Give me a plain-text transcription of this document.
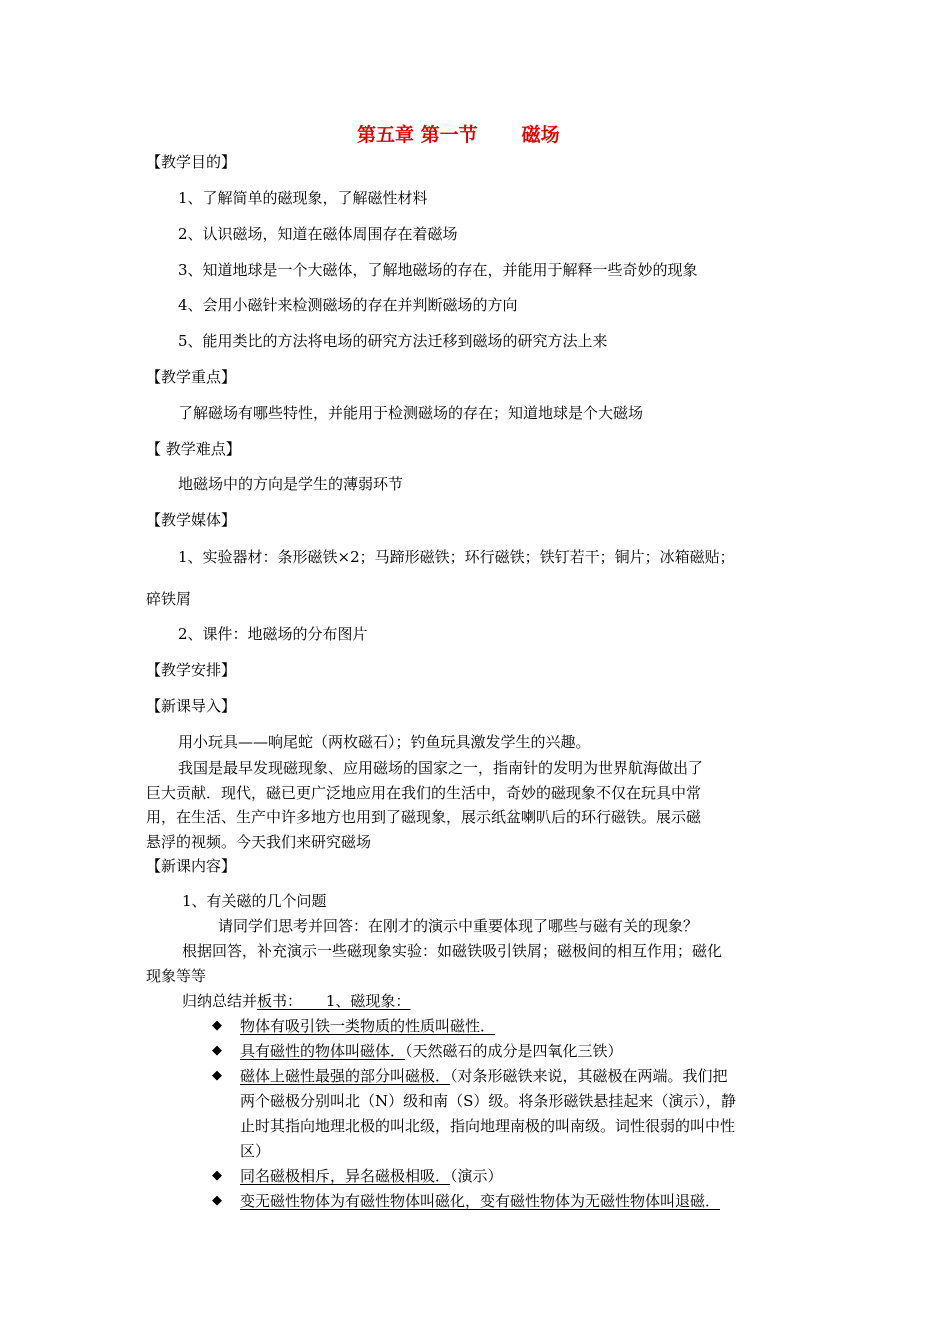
第五章 第一节 磁场
【教学目的】
1、了解简单的磁现象，了解磁性材料
2、认识磁场，知道在磁体周围存在着磁场
3、知道地球是一个大磁体，了解地磁场的存在，并能用于解释一些奇妙的现象
4、会用小磁针来检测磁场的存在并判断磁场的方向
5、能用类比的方法将电场的研究方法迁移到磁场的研究方法上来
【教学重点】
了解磁场有哪些特性，并能用于检测磁场的存在；知道地球是个大磁场
【 教学难点】
地磁场中的方向是学生的薄弱环节
【教学媒体】
1、实验器材：条形磁铁×2；马蹄形磁铁；环行磁铁；铁钉若干；铜片；冰箱磁贴；
碎铁屑
2、课件：地磁场的分布图片
【教学安排】
【新课导入】
用小玩具——响尾蛇（两枚磁石）；钓鱼玩具激发学生的兴趣。
我国是最早发现磁现象、应用磁场的国家之一，指南针的发明为世界航海做出了
巨大贡献．现代，磁已更广泛地应用在我们的生活中，奇妙的磁现象不仅在玩具中常
用，在生活、生产中许多地方也用到了磁现象，展示纸盆喇叭后的环行磁铁。展示磁
悬浮的视频。今天我们来研究磁场
【新课内容】
1、有关磁的几个问题
请同学们思考并回答：在刚才的演示中重要体现了哪些与磁有关的现象？
根据回答，补充演示一些磁现象实验：如磁铁吸引铁屑；磁极间的相互作用；磁化
现象等等
归纳总结并板书：     1、磁现象：
◆ 物体有吸引铁一类物质的性质叫磁性．
◆ 具有磁性的物体叫磁体．（天然磁石的成分是四氧化三铁）
◆ 磁体上磁性最强的部分叫磁极．（对条形磁铁来说，其磁极在两端。我们把
两个磁极分别叫北（N）级和南（S）级。将条形磁铁悬挂起来（演示），静
止时其指向地理北极的叫北级，指向地理南极的叫南级。词性很弱的叫中性
区）
◆ 同名磁极相斥，异名磁极相吸．（演示）
◆ 变无磁性物体为有磁性物体叫磁化，变有磁性物体为无磁性物体叫退磁．
